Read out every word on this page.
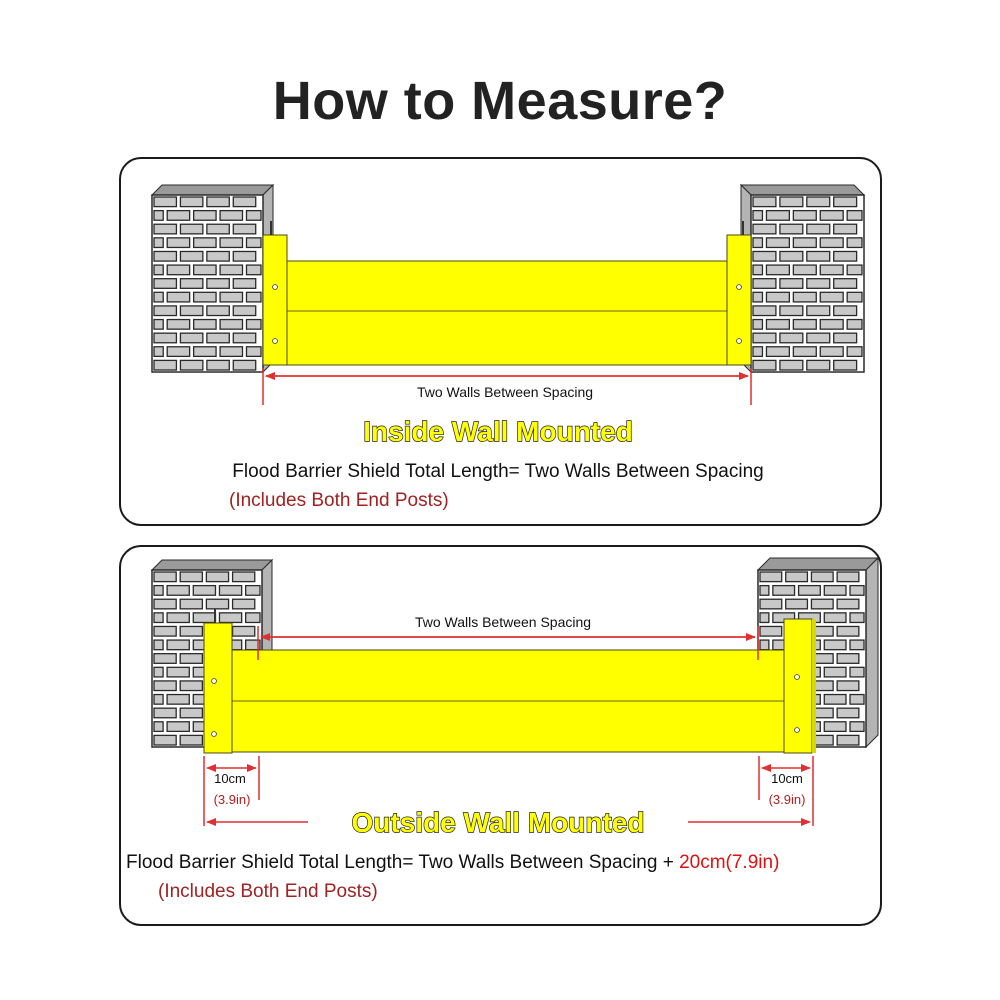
How to Measure?
Two Walls Between Spacing
Inside Wall Mounted
Flood Barrier Shield Total Length= Two Walls Between Spacing
(Includes Both End Posts)
Two Walls Between Spacing
10cm
(3.9in)
10cm
(3.9in)
Outside Wall Mounted
Flood Barrier Shield Total Length= Two Walls Between Spacing + 20cm(7.9in)
(Includes Both End Posts)
